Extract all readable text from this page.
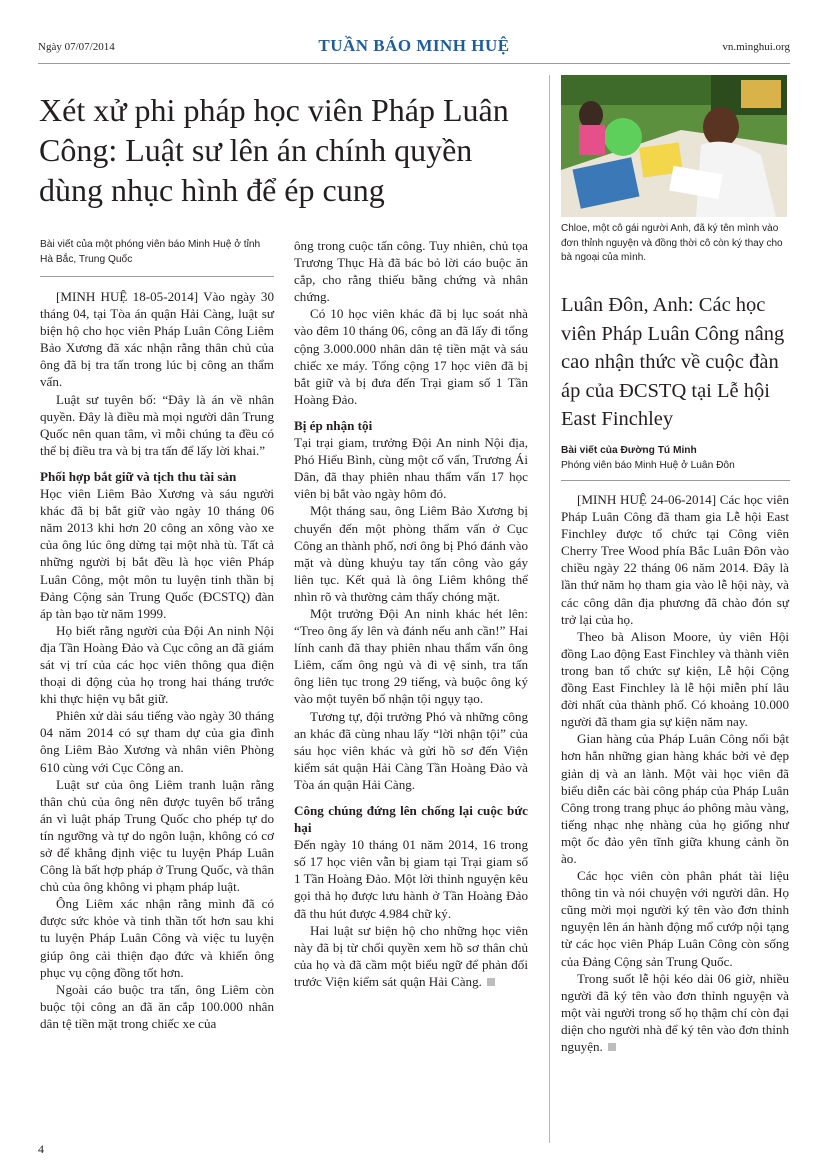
Ngày 07/07/2014	TUẦN BÁO MINH HUỆ	vn.minghui.org
Xét xử phi pháp học viên Pháp Luân Công: Luật sư lên án chính quyền dùng nhục hình để ép cung

Bài viết của một phóng viên báo Minh Huệ ở tỉnh Hà Bắc, Trung Quốc

[MINH HUỆ 18-05-2014] Vào ngày 30 tháng 04, tại Tòa án quận Hải Càng, luật sư biện hộ cho học viên Pháp Luân Công Liêm Bảo Xương đã xác nhận rằng thân chủ của ông đã bị tra tấn trong lúc bị công an thẩm vấn.

Luật sư tuyên bố: “Đây là án về nhân quyền. Đây là điều mà mọi người dân Trung Quốc nên quan tâm, vì mỗi chúng ta đều có thể bị điều tra và bị tra tấn để lấy lời khai.”

Phối hợp bắt giữ và tịch thu tài sản

Học viên Liêm Bảo Xương và sáu người khác đã bị bắt giữ vào ngày 10 tháng 06 năm 2013 khi hơn 20 công an xông vào xe của ông lúc ông dừng tại một nhà tù. Tất cả những người bị bắt đều là học viên Pháp Luân Công, một môn tu luyện tinh thần bị Đảng Cộng sản Trung Quốc (ĐCSTQ) đàn áp tàn bạo từ năm 1999.

Họ biết rằng người của Đội An ninh Nội địa Tần Hoàng Đảo và Cục công an đã giám sát vị trí của các học viên thông qua điện thoại di động của họ trong hai tháng trước khi thực hiện vụ bắt giữ.

Phiên xử dài sáu tiếng vào ngày 30 tháng 04 năm 2014 có sự tham dự của gia đình ông Liêm Bảo Xương và nhân viên Phòng 610 cùng với Cục Công an.

Luật sư của ông Liêm tranh luận rằng thân chủ của ông nên được tuyên bố trắng án vì luật pháp Trung Quốc cho phép tự do tín ngưỡng và tự do ngôn luận, không có cơ sở để khẳng định việc tu luyện Pháp Luân Công là bất hợp pháp ở Trung Quốc, và thân chủ của ông không vi phạm pháp luật.

Ông Liêm xác nhận rằng mình đã có được sức khỏe và tinh thần tốt hơn sau khi tu luyện Pháp Luân Công và việc tu luyện giúp ông cải thiện đạo đức và khiến ông phục vụ cộng đồng tốt hơn.

Ngoài cáo buộc tra tấn, ông Liêm còn buộc tội công an đã ăn cắp 100.000 nhân dân tệ tiền mặt trong chiếc xe của

ông trong cuộc tấn công. Tuy nhiên, chủ tọa Trương Thục Hà đã bác bỏ lời cáo buộc ăn cắp, cho rằng thiếu bằng chứng và nhân chứng.

Có 10 học viên khác đã bị lục soát nhà vào đêm 10 tháng 06, công an đã lấy đi tổng cộng 3.000.000 nhân dân tệ tiền mặt và sáu chiếc xe máy. Tổng cộng 17 học viên đã bị bắt giữ và bị đưa đến Trại giam số 1 Tần Hoàng Đảo.

Bị ép nhận tội

Tại trại giam, trưởng Đội An ninh Nội địa, Phó Hiểu Bình, cùng một cố vấn, Trương Ái Dân, đã thay phiên nhau thẩm vấn 17 học viên bị bắt vào ngày hôm đó.

Một tháng sau, ông Liêm Bảo Xương bị chuyển đến một phòng thẩm vấn ở Cục Công an thành phố, nơi ông bị Phó đánh vào mặt và dùng khuỷu tay tấn công vào gáy liên tục. Kết quả là ông Liêm không thể nhìn rõ và thường cảm thấy chóng mặt.

Một trưởng Đội An ninh khác hét lên: “Treo ông ấy lên và đánh nếu anh cần!” Hai lính canh đã thay phiên nhau thẩm vấn ông Liêm, cấm ông ngủ và đi vệ sinh, tra tấn ông liên tục trong 29 tiếng, và buộc ông ký vào một tuyên bố nhận tội ngụy tạo.

Tương tự, đội trưởng Phó và những công an khác đã cùng nhau lấy “lời nhận tội” của sáu học viên khác và gửi hồ sơ đến Viện kiểm sát quận Hải Càng Tần Hoàng Đảo và Tòa án quận Hải Càng.

Công chúng đứng lên chống lại cuộc bức hại

Đến ngày 10 tháng 01 năm 2014, 16 trong số 17 học viên vẫn bị giam tại Trại giam số 1 Tần Hoàng Đảo. Một lời thỉnh nguyện kêu gọi thả họ được lưu hành ở Tần Hoàng Đảo đã thu hút được 4.984 chữ ký.

Hai luật sư biện hộ cho những học viên này đã bị từ chối quyền xem hồ sơ thân chủ của họ và đã cầm một biểu ngữ để phản đối trước Viện kiểm sát quận Hải Càng.

Chloe, một cô gái người Anh, đã ký tên mình vào đơn thỉnh nguyện và đồng thời cô còn ký thay cho bà ngoại của mình.

Luân Đôn, Anh: Các học viên Pháp Luân Công nâng cao nhận thức về cuộc đàn áp của ĐCSTQ tại Lễ hội East Finchley

Bài viết của Đường Tú Minh

Phóng viên báo Minh Huệ ở Luân Đôn

[MINH HUỆ 24-06-2014] Các học viên Pháp Luân Công đã tham gia Lễ hội East Finchley được tổ chức tại Công viên Cherry Tree Wood phía Bắc Luân Đôn vào chiều ngày 22 tháng 06 năm 2014. Đây là lần thứ năm họ tham gia vào lễ hội này, và các công dân địa phương đã chào đón sự trở lại của họ.

Theo bà Alison Moore, ủy viên Hội đồng Lao động East Finchley và thành viên trong ban tổ chức sự kiện, Lễ hội Cộng đồng East Finchley là lễ hội miễn phí lâu đời nhất của thành phố. Có khoảng 10.000 người đã tham gia sự kiện năm nay.

Gian hàng của Pháp Luân Công nổi bật hơn hẳn những gian hàng khác bởi vẻ đẹp giản dị và an lành. Một vài học viên đã biểu diễn các bài công pháp của Pháp Luân Công trong trang phục áo phông màu vàng, tiếng nhạc nhẹ nhàng của họ giống như một ốc đảo yên tĩnh giữa khung cảnh ồn ào.

Các học viên còn phân phát tài liệu thông tin và nói chuyện với người dân. Họ cũng mời mọi người ký tên vào đơn thỉnh nguyện lên án hành động mổ cướp nội tạng từ các học viên Pháp Luân Công còn sống của Đảng Cộng sản Trung Quốc.

Trong suốt lễ hội kéo dài 06 giờ, nhiều người đã ký tên vào đơn thỉnh nguyện và một vài người trong số họ thậm chí còn đại diện cho người nhà để ký tên vào đơn thỉnh nguyện.

4
